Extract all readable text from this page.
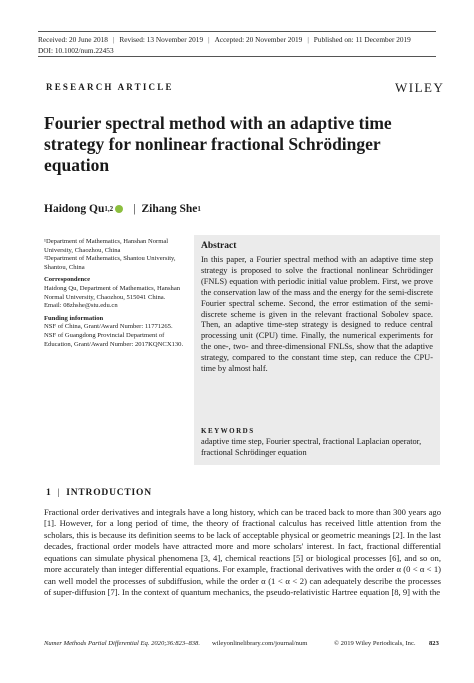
Received: 20 June 2018 | Revised: 13 November 2019 | Accepted: 20 November 2019 | Published on: 11 December 2019
DOI: 10.1002/num.22453
RESEARCH ARTICLE	WILEY
Fourier spectral method with an adaptive time strategy for nonlinear fractional Schrödinger equation
Haidong Qu 1,2 | Zihang She 1
¹Department of Mathematics, Hanshan Normal University, Chaozhou, China
²Department of Mathematics, Shantou University, Shantou, China
Correspondence
Haidong Qu, Department of Mathematics, Hanshan Normal University, Chaozhou, 515041 China.
Email: 08zhshe@stu.edu.cn
Funding information
NSF of China, Grant/Award Number: 11771265. NSF of Guangdong Provincial Department of Education, Grant/Award Number: 2017KQNCX130.
Abstract
In this paper, a Fourier spectral method with an adaptive time step strategy is proposed to solve the fractional nonlinear Schrödinger (FNLS) equation with periodic initial value problem. First, we prove the conservation law of the mass and the energy for the semi-discrete Fourier spectral scheme. Second, the error estimation of the semi-discrete scheme is given in the relevant fractional Sobolev space. Then, an adaptive time-step strategy is designed to reduce central processing unit (CPU) time. Finally, the numerical experiments for the one-, two- and three-dimensional FNLSs, show that the adaptive strategy, compared to the constant time step, can reduce the CPU-time by almost half.
KEYWORDS
adaptive time step, Fourier spectral, fractional Laplacian operator, fractional Schrödinger equation
1 | INTRODUCTION
Fractional order derivatives and integrals have a long history, which can be traced back to more than 300 years ago [1]. However, for a long period of time, the theory of fractional calculus has received little attention from the scholars, this is because its definition seems to be lack of acceptable physical or geometric meanings [2]. In the last decades, fractional order models have attracted more and more scholars' interest. In fact, fractional differential equations can simulate physical phenomena [3, 4], chemical reactions [5] or biological processes [6], and so on, more accurately than integer differential equations. For example, fractional derivatives with the order α (0 < α < 1) can well model the processes of subdiffusion, while the order α (1 < α < 2) can adequately describe the processes of super-diffusion [7]. In the context of quantum mechanics, the pseudo-relativistic Hartree equation [8, 9] with the
Numer Methods Partial Differential Eq. 2020;36:823–838. wileyonlinelibrary.com/journal/num	© 2019 Wiley Periodicals, Inc. 823
